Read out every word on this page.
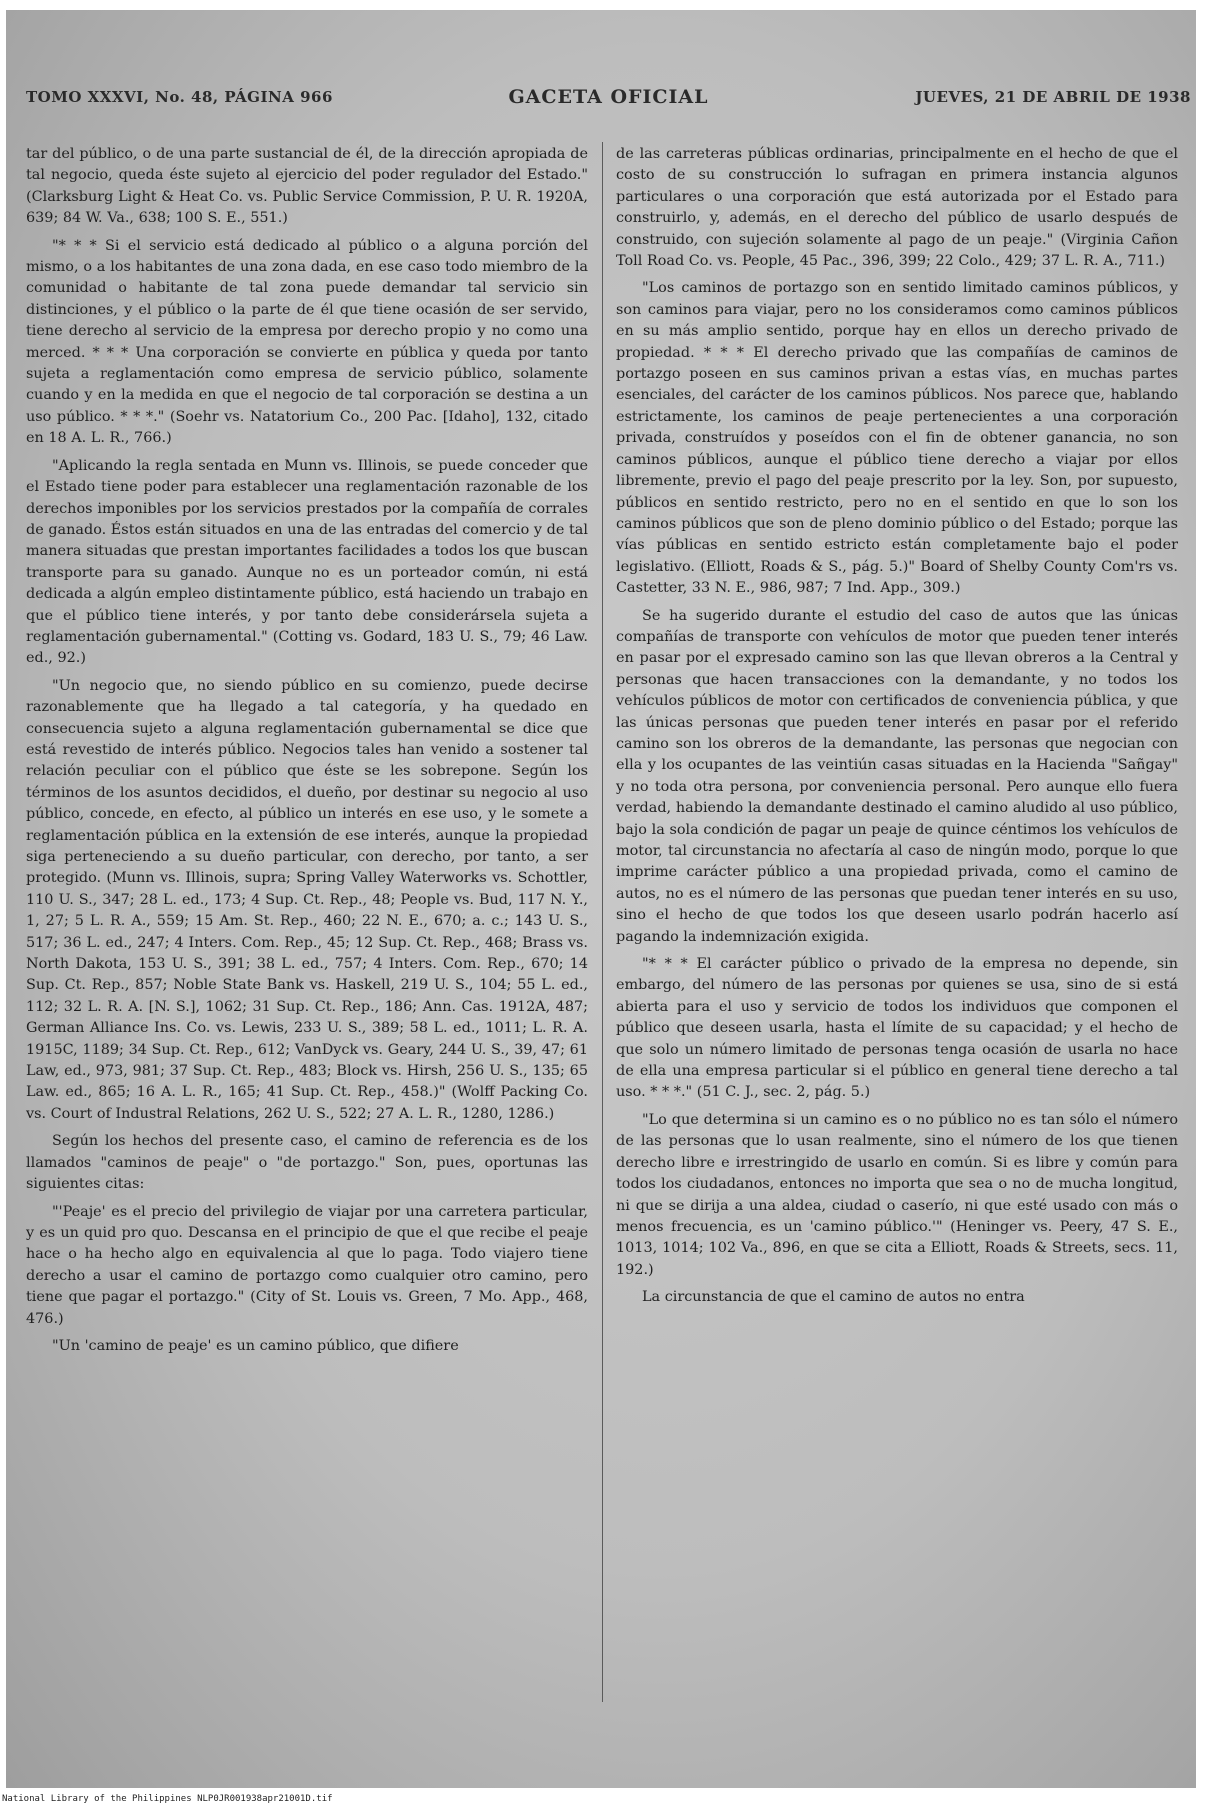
TOMO XXXVI, No. 48, PÁGINA 966	GACETA OFICIAL	JUEVES, 21 DE ABRIL DE 1938

tar del público, o de una parte sustancial de él, de la dirección apropiada de tal negocio, queda éste sujeto al ejercicio del poder regulador del Estado." (Clarksburg Light & Heat Co. vs. Public Service Commission, P. U. R. 1920A, 639; 84 W. Va., 638; 100 S. E., 551.)

"* * * Si el servicio está dedicado al público o a alguna porción del mismo, o a los habitantes de una zona dada, en ese caso todo miembro de la comunidad o habitante de tal zona puede demandar tal servicio sin distinciones, y el público o la parte de él que tiene ocasión de ser servido, tiene derecho al servicio de la empresa por derecho propio y no como una merced. * * * Una corporación se convierte en pública y queda por tanto sujeta a reglamentación como empresa de servicio público, solamente cuando y en la medida en que el negocio de tal corporación se destina a un uso público. * * *." (Soehr vs. Natatorium Co., 200 Pac. [Idaho], 132, citado en 18 A. L. R., 766.)

"Aplicando la regla sentada en Munn vs. Illinois, se puede conceder que el Estado tiene poder para establecer una reglamentación razonable de los derechos imponibles por los servicios prestados por la compañía de corrales de ganado. Éstos están situados en una de las entradas del comercio y de tal manera situadas que prestan importantes facilidades a todos los que buscan transporte para su ganado. Aunque no es un porteador común, ni está dedicada a algún empleo distintamente público, está haciendo un trabajo en que el público tiene interés, y por tanto debe considerársela sujeta a reglamentación gubernamental." (Cotting vs. Godard, 183 U. S., 79; 46 Law. ed., 92.)

"Un negocio que, no siendo público en su comienzo, puede decirse razonablemente que ha llegado a tal categoría, y ha quedado en consecuencia sujeto a alguna reglamentación gubernamental se dice que está revestido de interés público. Negocios tales han venido a sostener tal relación peculiar con el público que éste se les sobrepone. Según los términos de los asuntos decididos, el dueño, por destinar su negocio al uso público, concede, en efecto, al público un interés en ese uso, y le somete a reglamentación pública en la extensión de ese interés, aunque la propiedad siga perteneciendo a su dueño particular, con derecho, por tanto, a ser protegido. (Munn vs. Illinois, supra; Spring Valley Waterworks vs. Schottler, 110 U. S., 347; 28 L. ed., 173; 4 Sup. Ct. Rep., 48; People vs. Bud, 117 N. Y., 1, 27; 5 L. R. A., 559; 15 Am. St. Rep., 460; 22 N. E., 670; a. c.; 143 U. S., 517; 36 L. ed., 247; 4 Inters. Com. Rep., 45; 12 Sup. Ct. Rep., 468; Brass vs. North Dakota, 153 U. S., 391; 38 L. ed., 757; 4 Inters. Com. Rep., 670; 14 Sup. Ct. Rep., 857; Noble State Bank vs. Haskell, 219 U. S., 104; 55 L. ed., 112; 32 L. R. A. [N. S.], 1062; 31 Sup. Ct. Rep., 186; Ann. Cas. 1912A, 487; German Alliance Ins. Co. vs. Lewis, 233 U. S., 389; 58 L. ed., 1011; L. R. A. 1915C, 1189; 34 Sup. Ct. Rep., 612; VanDyck vs. Geary, 244 U. S., 39, 47; 61 Law, ed., 973, 981; 37 Sup. Ct. Rep., 483; Block vs. Hirsh, 256 U. S., 135; 65 Law. ed., 865; 16 A. L. R., 165; 41 Sup. Ct. Rep., 458.)" (Wolff Packing Co. vs. Court of Industral Relations, 262 U. S., 522; 27 A. L. R., 1280, 1286.)

Según los hechos del presente caso, el camino de referencia es de los llamados "caminos de peaje" o "de portazgo." Son, pues, oportunas las siguientes citas:

"'Peaje' es el precio del privilegio de viajar por una carretera particular, y es un quid pro quo. Descansa en el principio de que el que recibe el peaje hace o ha hecho algo en equivalencia al que lo paga. Todo viajero tiene derecho a usar el camino de portazgo como cualquier otro camino, pero tiene que pagar el portazgo." (City of St. Louis vs. Green, 7 Mo. App., 468, 476.)

"Un 'camino de peaje' es un camino público, que difiere

de las carreteras públicas ordinarias, principalmente en el hecho de que el costo de su construcción lo sufragan en primera instancia algunos particulares o una corporación que está autorizada por el Estado para construirlo, y, además, en el derecho del público de usarlo después de construido, con sujeción solamente al pago de un peaje." (Virginia Cañon Toll Road Co. vs. People, 45 Pac., 396, 399; 22 Colo., 429; 37 L. R. A., 711.)

"Los caminos de portazgo son en sentido limitado caminos públicos, y son caminos para viajar, pero no los consideramos como caminos públicos en su más amplio sentido, porque hay en ellos un derecho privado de propiedad. * * * El derecho privado que las compañías de caminos de portazgo poseen en sus caminos privan a estas vías, en muchas partes esenciales, del carácter de los caminos públicos. Nos parece que, hablando estrictamente, los caminos de peaje pertenecientes a una corporación privada, construídos y poseídos con el fin de obtener ganancia, no son caminos públicos, aunque el público tiene derecho a viajar por ellos libremente, previo el pago del peaje prescrito por la ley. Son, por supuesto, públicos en sentido restricto, pero no en el sentido en que lo son los caminos públicos que son de pleno dominio público o del Estado; porque las vías públicas en sentido estricto están completamente bajo el poder legislativo. (Elliott, Roads & S., pág. 5.)" Board of Shelby County Com'rs vs. Castetter, 33 N. E., 986, 987; 7 Ind. App., 309.)

Se ha sugerido durante el estudio del caso de autos que las únicas compañías de transporte con vehículos de motor que pueden tener interés en pasar por el expresado camino son las que llevan obreros a la Central y personas que hacen transacciones con la demandante, y no todos los vehículos públicos de motor con certificados de conveniencia pública, y que las únicas personas que pueden tener interés en pasar por el referido camino son los obreros de la demandante, las personas que negocian con ella y los ocupantes de las veintiún casas situadas en la Hacienda "Sañgay" y no toda otra persona, por conveniencia personal. Pero aunque ello fuera verdad, habiendo la demandante destinado el camino aludido al uso público, bajo la sola condición de pagar un peaje de quince céntimos los vehículos de motor, tal circunstancia no afectaría al caso de ningún modo, porque lo que imprime carácter público a una propiedad privada, como el camino de autos, no es el número de las personas que puedan tener interés en su uso, sino el hecho de que todos los que deseen usarlo podrán hacerlo así pagando la indemnización exigida.

"* * * El carácter público o privado de la empresa no depende, sin embargo, del número de las personas por quienes se usa, sino de si está abierta para el uso y servicio de todos los individuos que componen el público que deseen usarla, hasta el límite de su capacidad; y el hecho de que solo un número limitado de personas tenga ocasión de usarla no hace de ella una empresa particular si el público en general tiene derecho a tal uso. * * *." (51 C. J., sec. 2, pág. 5.)

"Lo que determina si un camino es o no público no es tan sólo el número de las personas que lo usan realmente, sino el número de los que tienen derecho libre e irrestringido de usarlo en común. Si es libre y común para todos los ciudadanos, entonces no importa que sea o no de mucha longitud, ni que se dirija a una aldea, ciudad o caserío, ni que esté usado con más o menos frecuencia, es un 'camino público.'" (Heninger vs. Peery, 47 S. E., 1013, 1014; 102 Va., 896, en que se cita a Elliott, Roads & Streets, secs. 11, 192.)

La circunstancia de que el camino de autos no entra

National Library of the Philippines NLP0JR001938apr21001D.tif
